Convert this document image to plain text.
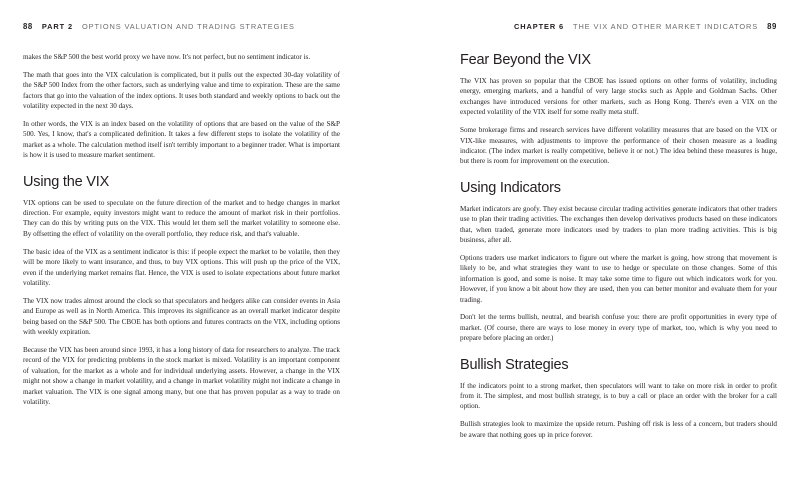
88 PART 2 OPTIONS VALUATION AND TRADING STRATEGIES	CHAPTER 6 THE VIX AND OTHER MARKET INDICATORS 89

makes the S&P 500 the best world proxy we have now. It's not perfect, but no sentiment indicator is.

The math that goes into the VIX calculation is complicated, but it pulls out the expected 30-day volatility of the S&P 500 Index from the other factors, such as underlying value and time to expiration. These are the same factors that go into the valuation of the index options. It uses both standard and weekly options to back out the volatility expected in the next 30 days.

In other words, the VIX is an index based on the volatility of options that are based on the value of the S&P 500. Yes, I know, that's a complicated definition. It takes a few different steps to isolate the volatility of the market as a whole. The calculation method itself isn't terribly important to a beginner trader. What is important is how it is used to measure market sentiment.

Using the VIX

VIX options can be used to speculate on the future direction of the market and to hedge changes in market direction. For example, equity investors might want to reduce the amount of market risk in their portfolios. They can do this by writing puts on the VIX. This would let them sell the market volatility to someone else. By offsetting the effect of volatility on the overall portfolio, they reduce risk, and that's valuable.

The basic idea of the VIX as a sentiment indicator is this: if people expect the market to be volatile, then they will be more likely to want insurance, and thus, to buy VIX options. This will push up the price of the VIX, even if the underlying market remains flat. Hence, the VIX is used to isolate expectations about future market volatility.

The VIX now trades almost around the clock so that speculators and hedgers alike can consider events in Asia and Europe as well as in North America. This improves its significance as an overall market indicator despite being based on the S&P 500. The CBOE has both options and futures contracts on the VIX, including options with weekly expiration.

Because the VIX has been around since 1993, it has a long history of data for researchers to analyze. The track record of the VIX for predicting problems in the stock market is mixed. Volatility is an important component of valuation, for the market as a whole and for individual underlying assets. However, a change in the VIX might not show a change in market volatility, and a change in market volatility might not indicate a change in market valuation. The VIX is one signal among many, but one that has proven popular as a way to trade on volatility.

Fear Beyond the VIX

The VIX has proven so popular that the CBOE has issued options on other forms of volatility, including energy, emerging markets, and a handful of very large stocks such as Apple and Goldman Sachs. Other exchanges have introduced versions for other markets, such as Hong Kong. There's even a VIX on the expected volatility of the VIX itself for some really meta stuff.

Some brokerage firms and research services have different volatility measures that are based on the VIX or VIX-like measures, with adjustments to improve the performance of their chosen measure as a leading indicator. (The index market is really competitive, believe it or not.) The idea behind these measures is huge, but there is room for improvement on the execution.

Using Indicators

Market indicators are goofy. They exist because circular trading activities generate indicators that other traders use to plan their trading activities. The exchanges then develop derivatives products based on these indicators that, when traded, generate more indicators used by traders to plan more trading activities. This is big business, after all.

Options traders use market indicators to figure out where the market is going, how strong that movement is likely to be, and what strategies they want to use to hedge or speculate on those changes. Some of this information is good, and some is noise. It may take some time to figure out which indicators work for you. However, if you know a bit about how they are used, then you can better monitor and evaluate them for your trading.

Don't let the terms bullish, neutral, and bearish confuse you: there are profit opportunities in every type of market. (Of course, there are ways to lose money in every type of market, too, which is why you need to prepare before placing an order.)

Bullish Strategies

If the indicators point to a strong market, then speculators will want to take on more risk in order to profit from it. The simplest, and most bullish strategy, is to buy a call or place an order with the broker for a call option.

Bullish strategies look to maximize the upside return. Pushing off risk is less of a concern, but traders should be aware that nothing goes up in price forever.
